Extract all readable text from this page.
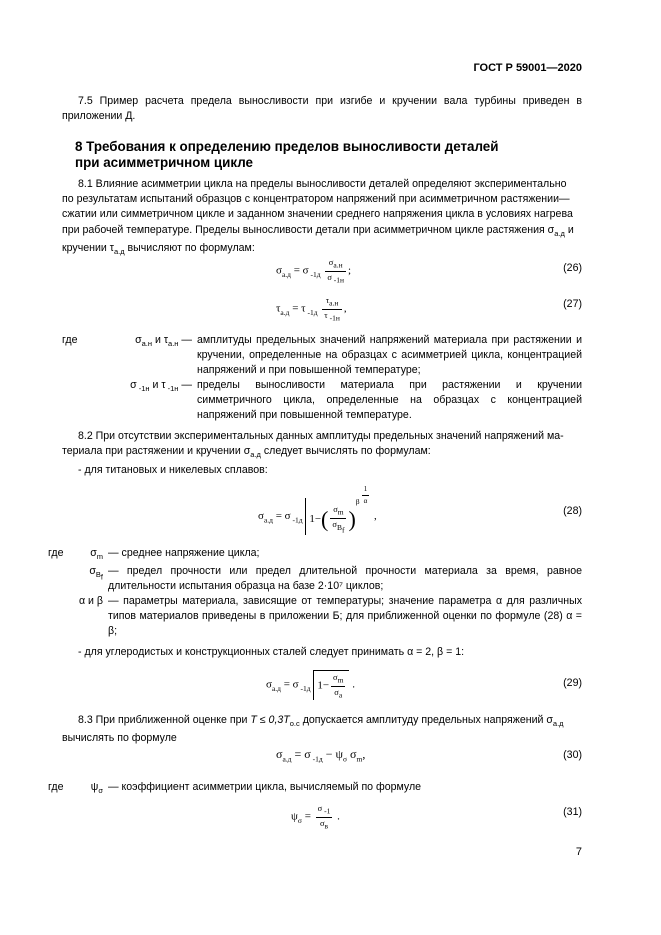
ГОСТ Р 59001—2020
7.5 Пример расчета предела выносливости при изгибе и кручении вала турбины приведен в приложении Д.
8 Требования к определению пределов выносливости деталей
при асимметричном цикле
8.1 Влияние асимметрии цикла на пределы выносливости деталей определяют экспериментально
по результатам испытаний образцов с концентратором напряжений при асимметричном растяжении—
сжатии или симметричном цикле и заданном значении среднего напряжения цикла в условиях нагрева
при рабочей температуре. Пределы выносливости детали при асимметричном цикле растяжения $\sigma_{а.д}$ и
кручении $\tau_{а.д}$ вычисляют по формулам:
$\sigma_{а.д} = \sigma$ $_{-1д} \frac{\sigma_{а.н}}{\sigma _{-1н}}$ ;	(26)
$\tau_{а.д} = \tau$ $_{-1д} \frac{\tau_{а.н}}{\tau _{-1н}}$ ,	(27)
где	$\sigma_{а.н}$ и $\tau_{а.н}$ — амплитуды предельных значений напряжений материала при растяжении и кручении, определенные на образцах с асимметрией цикла, концентрацией напряжений и при повышенной температуре;
σ $_{-1н}$ и τ $_{-1н}$ — пределы выносливости материала при растяжении и кручении симметричного цикла, определенные на образцах с концентрацией напряжений при повышенной температуре.
8.2 При отсутствии экспериментальных данных амплитуды предельных значений напряжений ма-
териала при растяжении и кручении $\sigma_{а.д}$ следует вычислять по формулам:
- для титановых и никелевых сплавов:
$\sigma_{а.д} = \sigma$ $_{-1д}$ $1-( \frac{\sigma_m}{\sigma_{B_f}} )^\beta$ $^{\frac{1}{\alpha}}$
,	(28)
где	$\sigma_m$ — среднее напряжение цикла;
$\sigma_{B_f}$
— предел прочности или предел длительной прочности материала за время, равное длительности испытания образца на базе 2·10⁷ циклов;
α и β — параметры материала, зависящие от температуры; значение параметра α для различных типов материалов приведены в приложении Б; для приближенной оценки по формуле (28) α = β;
- для углеродистых и конструкционных сталей следует принимать α = 2, β = 1:
$\sigma_{а.д} = \sigma$ $_{-1д}$ $1- \frac{\sigma_m}{\sigma_а}$ .	(29)
8.3 При приближенной оценке при $T \le 0,3T_{о.с}$ допускается амплитуду предельных напряжений $\sigma_{а.д}$
вычислять по формуле
$\sigma_{а.д} = \sigma$ $_{-1д} - \psi_\sigma$ $\sigma_m$,	(30)
где	$\psi_\sigma$ — коэффициент асимметрии цикла, вычисляемый по формуле
$\psi_\sigma = \frac{\sigma _{-1}}{\sigma_в}$ .	(31)
7
